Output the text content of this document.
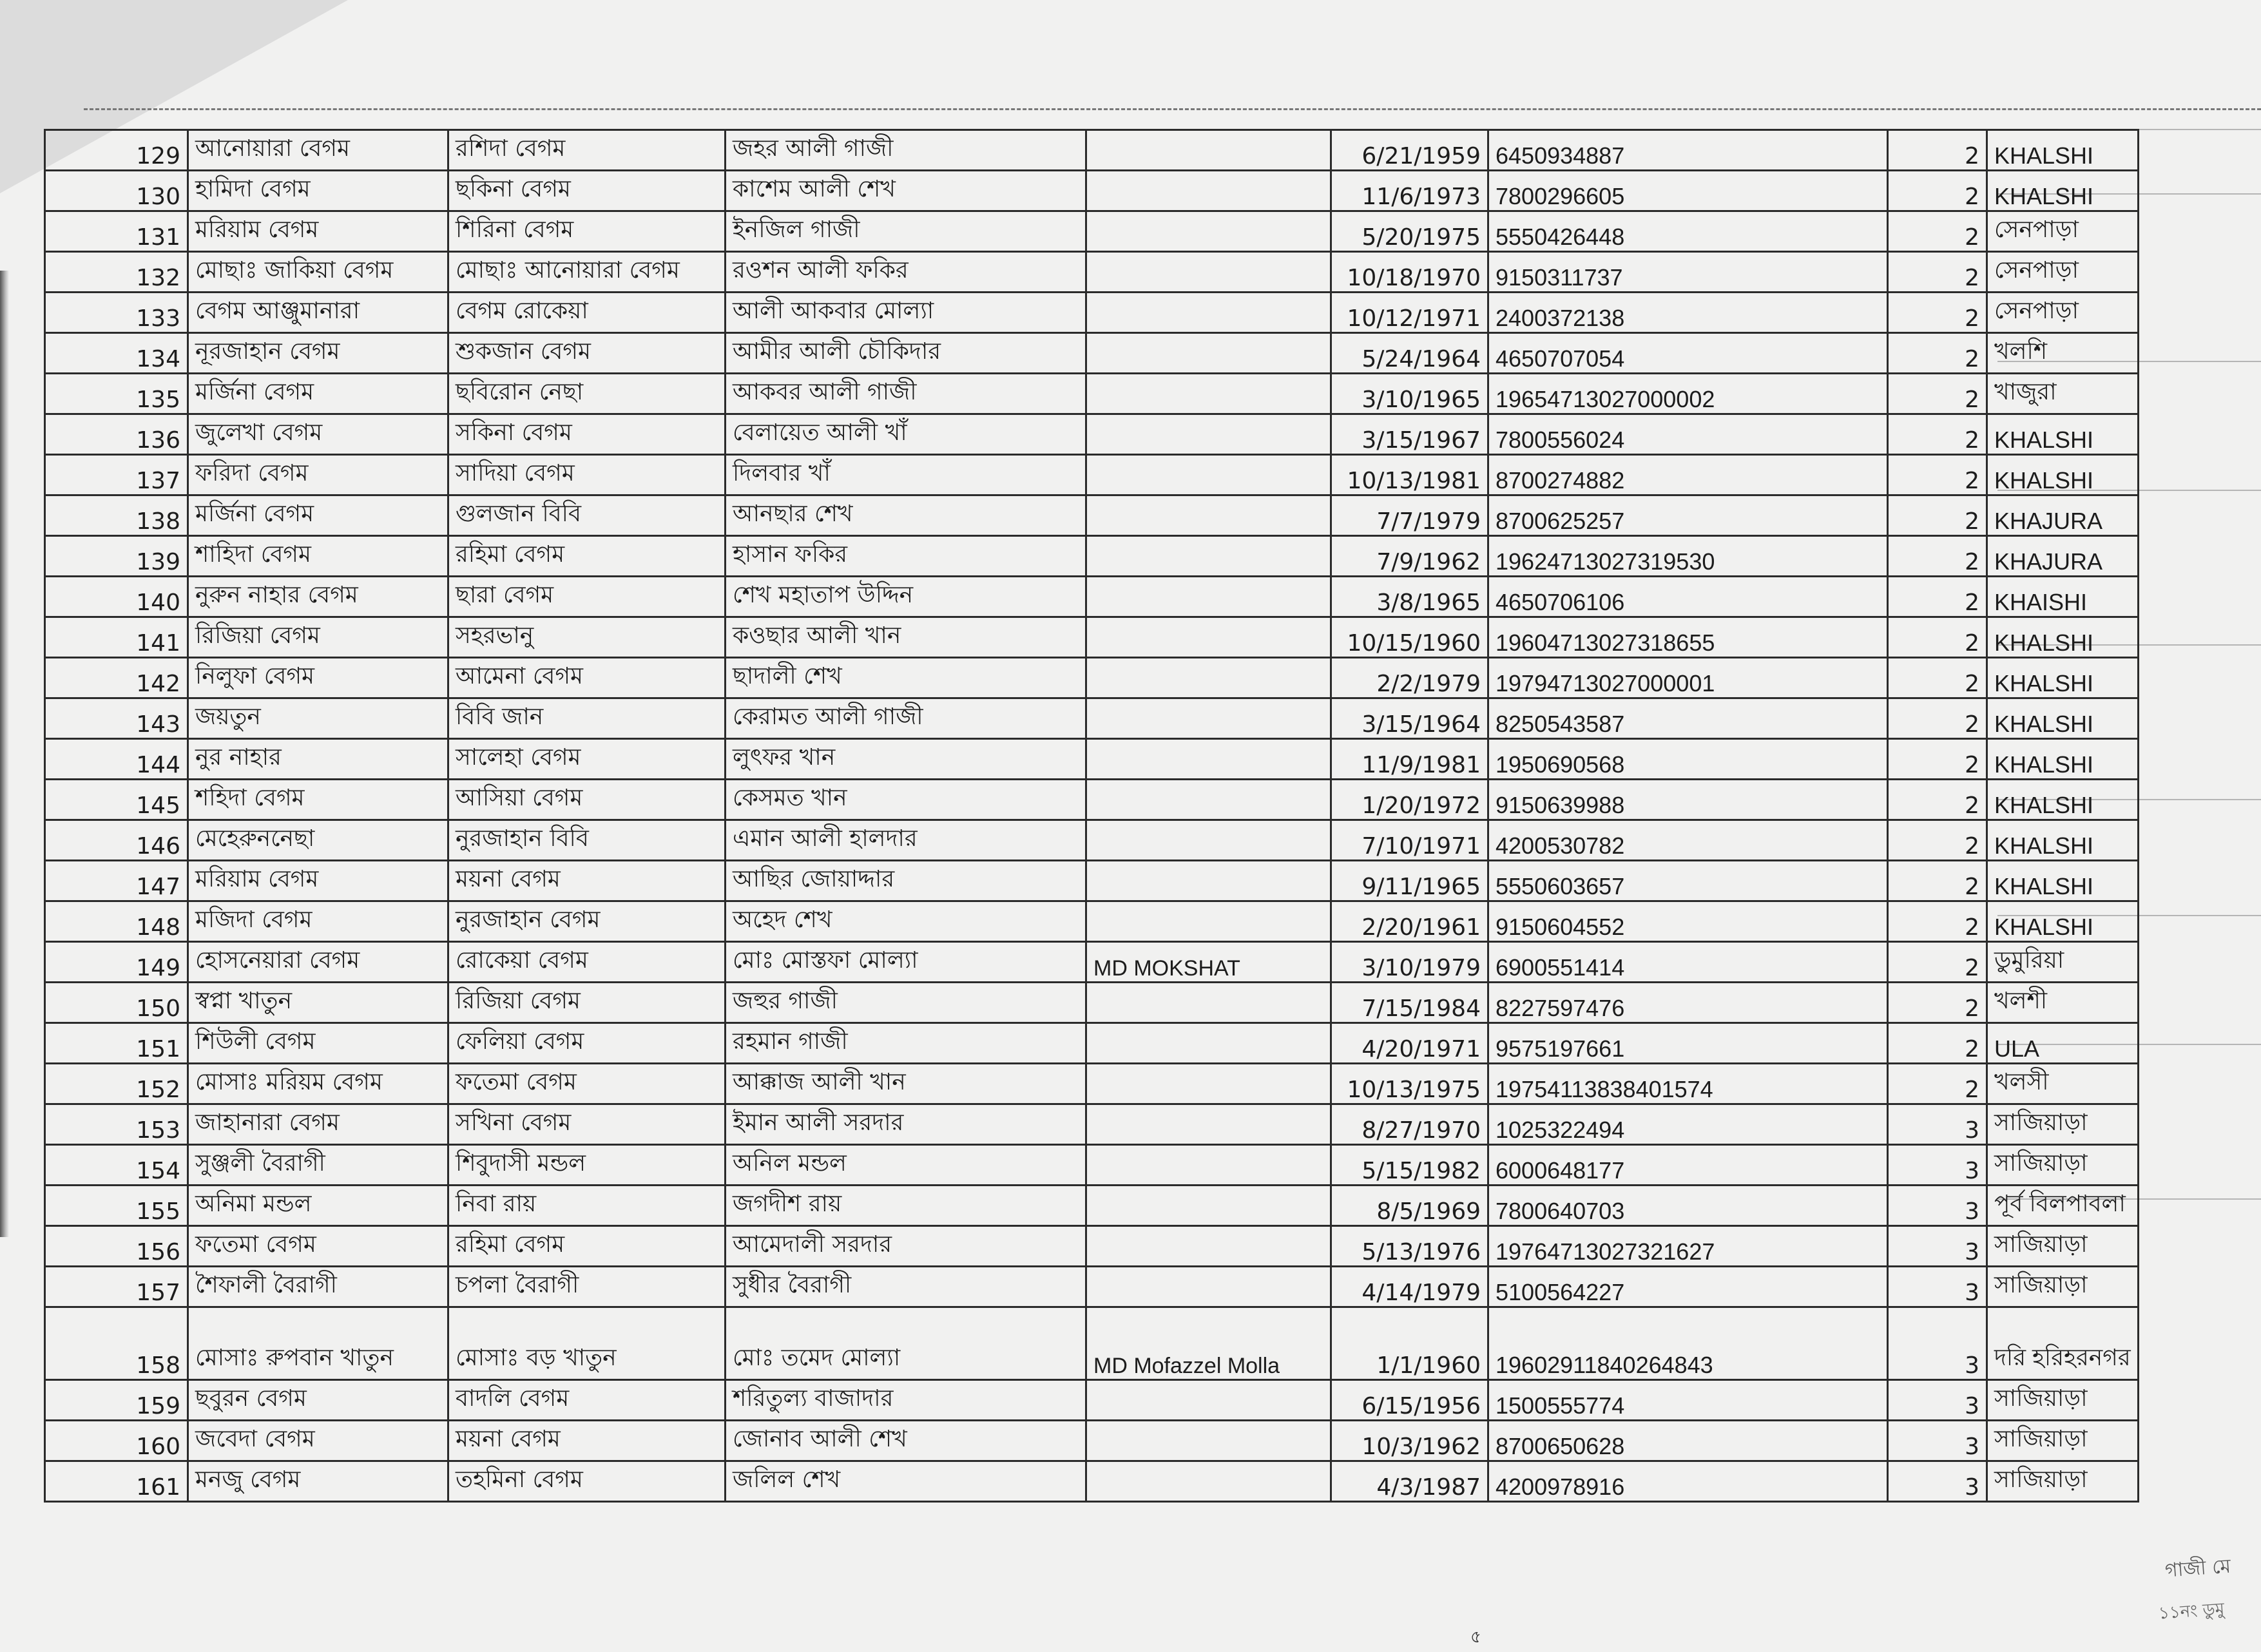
129	আনোয়ারা বেগম	রশিদা বেগম	জহর আলী গাজী		6/21/1959	6450934887	2	KHALSHI
130	হামিদা বেগম	ছকিনা বেগম	কাশেম আলী শেখ		11/6/1973	7800296605	2	KHALSHI
131	মরিয়াম বেগম	শিরিনা বেগম	ইনজিল গাজী		5/20/1975	5550426448	2	সেনপাড়া
132	মোছাঃ জাকিয়া বেগম	মোছাঃ আনোয়ারা বেগম	রওশন আলী ফকির		10/18/1970	9150311737	2	সেনপাড়া
133	বেগম আঞ্জুমানারা	বেগম রোকেয়া	আলী আকবার মোল্যা		10/12/1971	2400372138	2	সেনপাড়া
134	নূরজাহান বেগম	শুকজান বেগম	আমীর আলী চৌকিদার		5/24/1964	4650707054	2	খলশি
135	মর্জিনা বেগম	ছবিরোন নেছা	আকবর আলী গাজী		3/10/1965	19654713027000002	2	খাজুরা
136	জুলেখা বেগম	সকিনা বেগম	বেলায়েত আলী খাঁ		3/15/1967	7800556024	2	KHALSHI
137	ফরিদা বেগম	সাদিয়া বেগম	দিলবার খাঁ		10/13/1981	8700274882	2	KHALSHI
138	মর্জিনা বেগম	গুলজান বিবি	আনছার শেখ		7/7/1979	8700625257	2	KHAJURA
139	শাহিদা বেগম	রহিমা বেগম	হাসান ফকির		7/9/1962	19624713027319530	2	KHAJURA
140	নুরুন নাহার বেগম	ছারা বেগম	শেখ মহাতাপ উদ্দিন		3/8/1965	4650706106	2	KHAISHI
141	রিজিয়া বেগম	সহরভানু	কওছার আলী খান		10/15/1960	19604713027318655	2	KHALSHI
142	নিলুফা বেগম	আমেনা বেগম	ছাদালী শেখ		2/2/1979	19794713027000001	2	KHALSHI
143	জয়তুন	বিবি জান	কেরামত আলী গাজী		3/15/1964	8250543587	2	KHALSHI
144	নুর নাহার	সালেহা বেগম	লুৎফর খান		11/9/1981	1950690568	2	KHALSHI
145	শহিদা বেগম	আসিয়া বেগম	কেসমত খান		1/20/1972	9150639988	2	KHALSHI
146	মেহেরুননেছা	নুরজাহান বিবি	এমান আলী হালদার		7/10/1971	4200530782	2	KHALSHI
147	মরিয়াম বেগম	ময়না বেগম	আছির জোয়াদ্দার		9/11/1965	5550603657	2	KHALSHI
148	মজিদা বেগম	নুরজাহান বেগম	অহেদ শেখ		2/20/1961	9150604552	2	KHALSHI
149	হোসনেয়ারা বেগম	রোকেয়া বেগম	মোঃ মোস্তফা মোল্যা	MD MOKSHAT	3/10/1979	6900551414	2	ডুমুরিয়া
150	স্বপ্না খাতুন	রিজিয়া বেগম	জহুর গাজী		7/15/1984	8227597476	2	খলশী
151	শিউলী বেগম	ফেলিয়া বেগম	রহমান গাজী		4/20/1971	9575197661	2	ULA
152	মোসাঃ মরিয়ম বেগম	ফতেমা বেগম	আক্কাজ আলী খান		10/13/1975	19754113838401574	2	খলসী
153	জাহানারা বেগম	সখিনা বেগম	ইমান আলী সরদার		8/27/1970	1025322494	3	সাজিয়াড়া
154	সুঞ্জলী বৈরাগী	শিবুদাসী মন্ডল	অনিল মন্ডল		5/15/1982	6000648177	3	সাজিয়াড়া
155	অনিমা মন্ডল	নিবা রায়	জগদীশ রায়		8/5/1969	7800640703	3	পূর্ব বিলপাবলা
156	ফতেমা বেগম	রহিমা বেগম	আমেদালী সরদার		5/13/1976	19764713027321627	3	সাজিয়াড়া
157	শৈফালী বৈরাগী	চপলা বৈরাগী	সুধীর বৈরাগী		4/14/1979	5100564227	3	সাজিয়াড়া
158	মোসাঃ রুপবান খাতুন	মোসাঃ বড় খাতুন	মোঃ তমেদ মোল্যা	MD Mofazzel Molla	1/1/1960	19602911840264843	3	দরি হরিহরনগর
159	ছবুরন বেগম	বাদলি বেগম	শরিতুল্য বাজাদার		6/15/1956	1500555774	3	সাজিয়াড়া
160	জবেদা বেগম	ময়না বেগম	জোনাব আলী শেখ		10/3/1962	8700650628	3	সাজিয়াড়া
161	মনজু বেগম	তহমিনা বেগম	জলিল শেখ		4/3/1987	4200978916	3	সাজিয়াড়া
গাজী মে
১১নং ডুমু
৫
